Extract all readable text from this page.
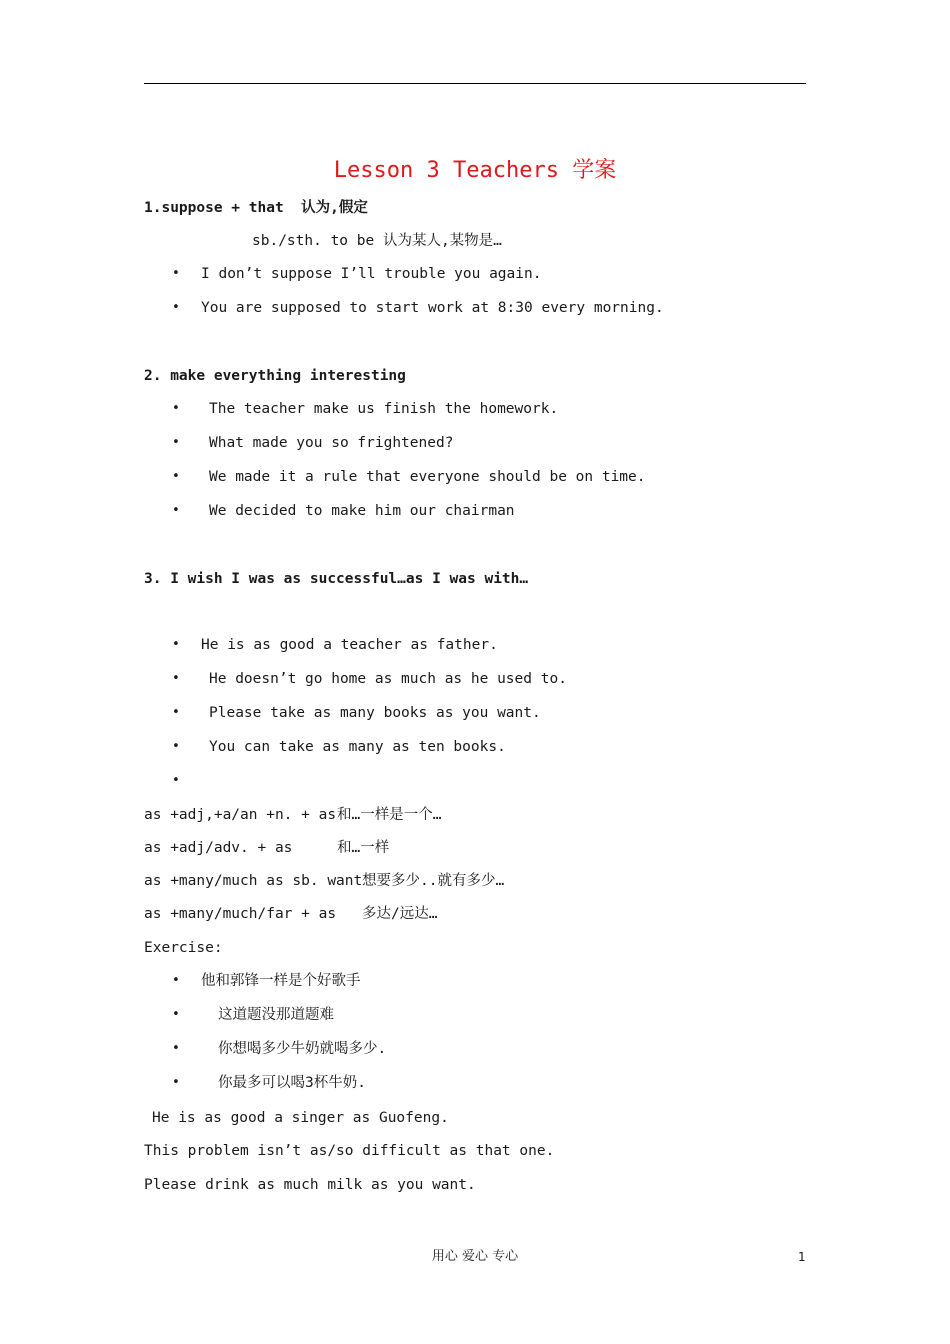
Lesson 3 Teachers 学案
1.suppose + that  认为,假定
sb./sth. to be 认为某人,某物是…
• I don’t suppose I’ll trouble you again.
• You are supposed to start work at 8:30 every morning.
2. make everything interesting
• The teacher make us finish the homework.
• What made you so frightened?
• We made it a rule that everyone should be on time.
• We decided to make him our chairman
3. I wish I was as successful…as I was with…
• He is as good a teacher as father.
• He doesn’t go home as much as he used to.
• Please take as many books as you want.
• You can take as many as ten books.
•
as +adj,+a/an +n. + as 和…一样是一个…
as +adj/adv. + as	和…一样
as +many/much as sb. want 想要多少..就有多少…
as +many/much/far + as 多达/远达…
Exercise:
• 他和郭锋一样是个好歌手
•	这道题没那道题难
•	你想喝多少牛奶就喝多少.
•	你最多可以喝3杯牛奶.
He is as good a singer as Guofeng.
This problem isn’t as/so difficult as that one.
Please drink as much milk as you want.
用心 爱心 专心	1
